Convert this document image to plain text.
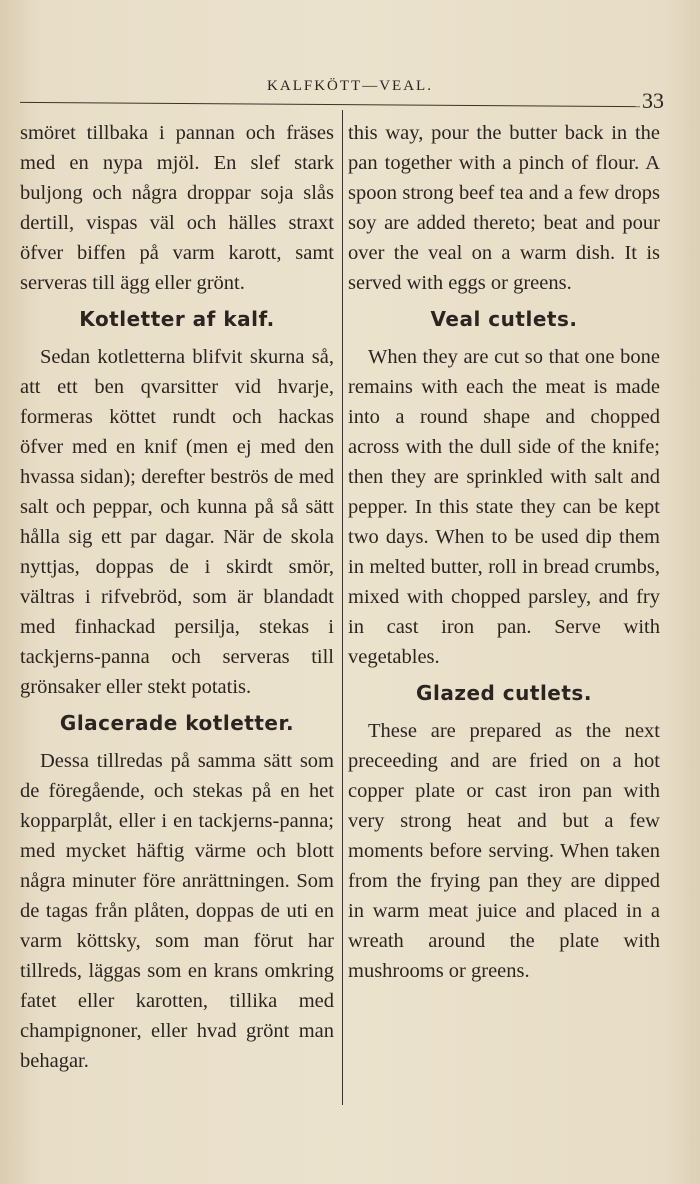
KALFKÖTT—VEAL.
33

smöret tillbaka i pannan och fräses med en nypa mjöl. En slef stark buljong och några droppar soja slås dertill, vispas väl och hälles straxt öfver biffen på varm karott, samt serveras till ägg eller grönt.

Kotletter af kalf.

Sedan kotletterna blifvit skurna så, att ett ben qvarsitter vid hvarje, formeras köttet rundt och hackas öfver med en knif (men ej med den hvassa sidan); derefter beströs de med salt och peppar, och kunna på så sätt hålla sig ett par dagar. När de skola nyttjas, doppas de i skirdt smör, vältras i rifvebröd, som är blandadt med finhackad persilja, stekas i tackjerns-panna och serveras till grönsaker eller stekt potatis.

Glacerade kotletter.

Dessa tillredas på samma sätt som de föregående, och stekas på en het kopparplåt, eller i en tackjerns-panna; med mycket häftig värme och blott några minuter före anrättningen. Som de tagas från plåten, doppas de uti en varm köttsky, som man förut har tillreds, läggas som en krans omkring fatet eller karotten, tillika med champignoner, eller hvad grönt man behagar.

this way, pour the butter back in the pan together with a pinch of flour. A spoon strong beef tea and a few drops soy are added thereto; beat and pour over the veal on a warm dish. It is served with eggs or greens.

Veal cutlets.

When they are cut so that one bone remains with each the meat is made into a round shape and chopped across with the dull side of the knife; then they are sprinkled with salt and pepper. In this state they can be kept two days. When to be used dip them in melted butter, roll in bread crumbs, mixed with chopped parsley, and fry in cast iron pan. Serve with vegetables.

Glazed cutlets.

These are prepared as the next preceeding and are fried on a hot copper plate or cast iron pan with very strong heat and but a few moments before serving. When taken from the frying pan they are dipped in warm meat juice and placed in a wreath around the plate with mushrooms or greens.
